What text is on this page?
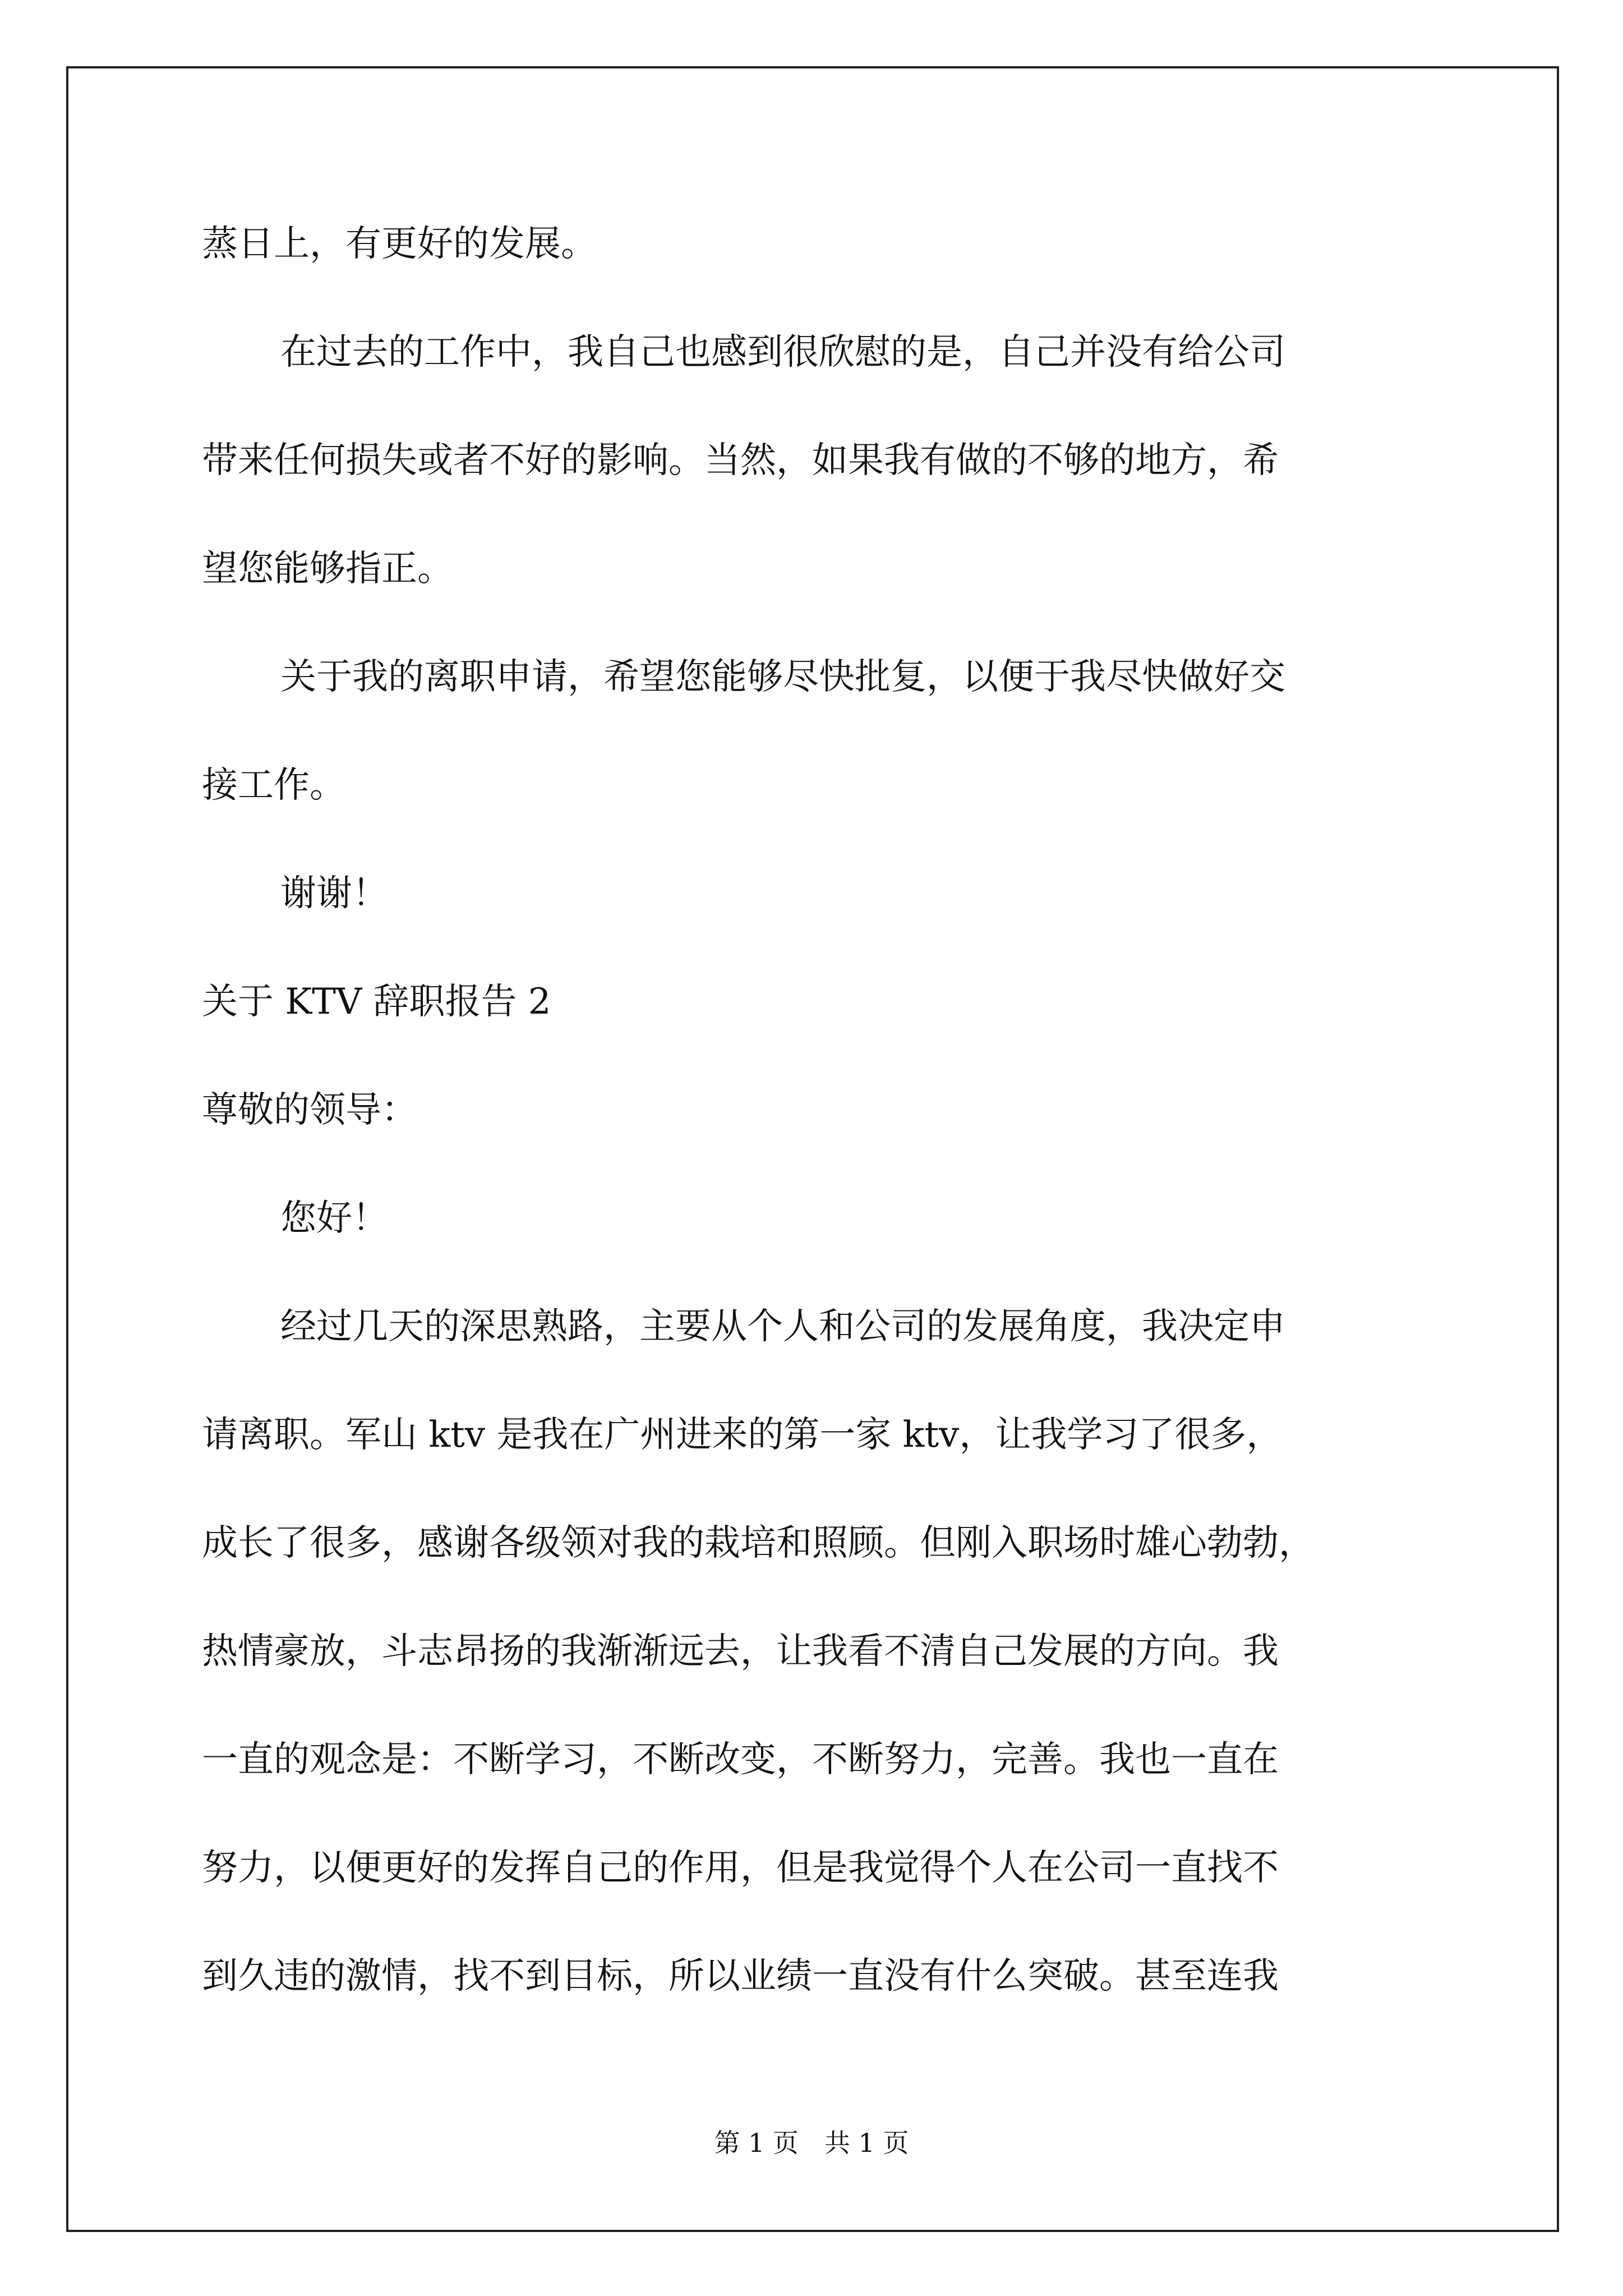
蒸日上，有更好的发展。
在过去的工作中，我自己也感到很欣慰的是，自己并没有给公司
带来任何损失或者不好的影响。当然，如果我有做的不够的地方，希
望您能够指正。
关于我的离职申请，希望您能够尽快批复，以便于我尽快做好交
接工作。
谢谢！
关于 KTV 辞职报告 2
尊敬的领导：
您好！
经过几天的深思熟路，主要从个人和公司的发展角度，我决定申
请离职。军山 ktv 是我在广州进来的第一家 ktv，让我学习了很多，
成长了很多，感谢各级领对我的栽培和照顾。但刚入职场时雄心勃勃，
热情豪放，斗志昂扬的我渐渐远去，让我看不清自己发展的方向。我
一直的观念是：不断学习，不断改变，不断努力，完善。我也一直在
努力，以便更好的发挥自己的作用，但是我觉得个人在公司一直找不
到久违的激情，找不到目标，所以业绩一直没有什么突破。甚至连我
第 1 页　共 1 页
